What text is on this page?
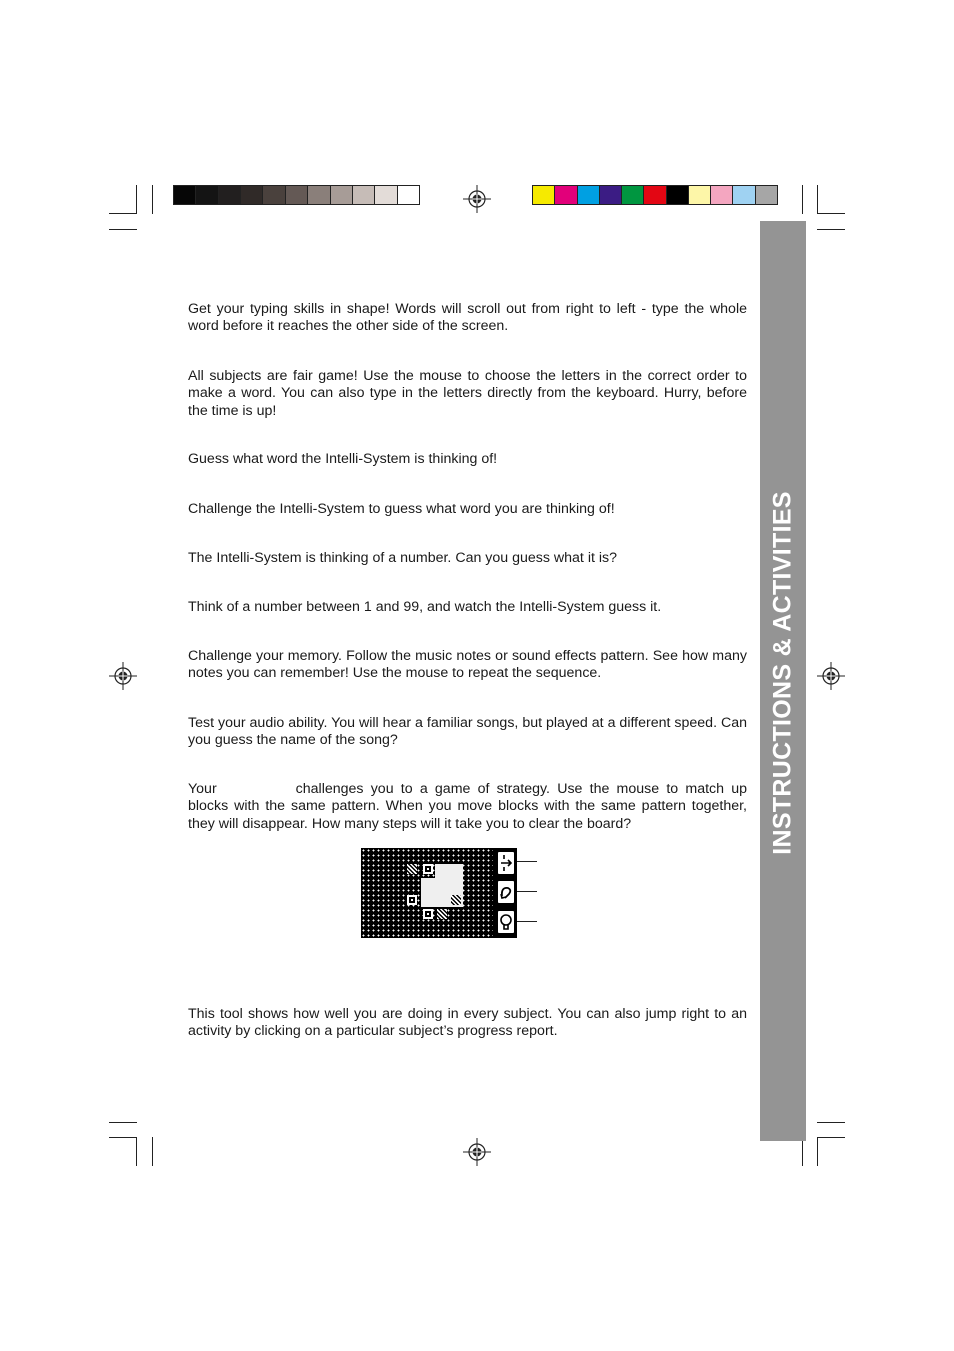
INSTRUCTIONS & ACTIVITIES

Get your typing skills in shape! Words will scroll out from right to left - type the whole word before it reaches the other side of the screen.

All subjects are fair game! Use the mouse to choose the letters in the correct order to make a word. You can also type in the letters directly from the keyboard. Hurry, before the time is up!

Guess what word the Intelli-System is thinking of!

Challenge the Intelli-System to guess what word you are thinking of!

The Intelli-System is thinking of a number. Can you guess what it is?

Think of a number between 1 and 99, and watch the Intelli-System guess it.

Challenge your memory. Follow the music notes or sound effects pattern. See how many notes you can remember! Use the mouse to repeat the sequence.

Test your audio ability. You will hear a familiar songs, but played at a different speed. Can you guess the name of the song?

Your	challenges you to a game of strategy. Use the mouse to match up blocks with the same pattern. When you move blocks with the same pattern together, they will disappear. How many steps will it take you to clear the board?

This tool shows how well you are doing in every subject. You can also jump right to an activity by clicking on a particular subject’s progress report.
